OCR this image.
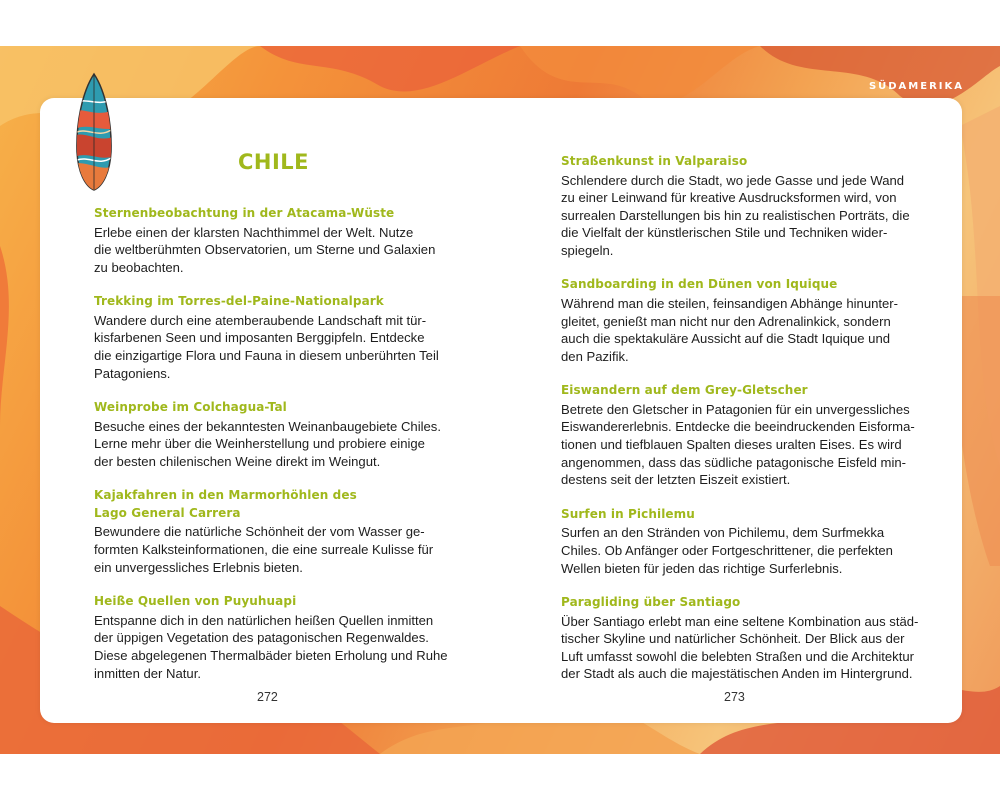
SÜDAMERIKA
CHILE
Sternenbeobachtung in der Atacama-Wüste
Erlebe einen der klarsten Nachthimmel der Welt. Nutze
die weltberühmten Observatorien, um Sterne und Galaxien
zu beobachten.
Trekking im Torres-del-Paine-Nationalpark
Wandere durch eine atemberaubende Landschaft mit tür-
kisfarbenen Seen und imposanten Berggipfeln. Entdecke
die einzigartige Flora und Fauna in diesem unberührten Teil
Patagoniens.
Weinprobe im Colchagua-Tal
Besuche eines der bekanntesten Weinanbaugebiete Chiles.
Lerne mehr über die Weinherstellung und probiere einige
der besten chilenischen Weine direkt im Weingut.
Kajakfahren in den Marmorhöhlen des
Lago General Carrera
Bewundere die natürliche Schönheit der vom Wasser ge-
formten Kalksteinformationen, die eine surreale Kulisse für
ein unvergessliches Erlebnis bieten.
Heiße Quellen von Puyuhuapi
Entspanne dich in den natürlichen heißen Quellen inmitten
der üppigen Vegetation des patagonischen Regenwaldes.
Diese abgelegenen Thermalbäder bieten Erholung und Ruhe
inmitten der Natur.
Straßenkunst in Valparaiso
Schlendere durch die Stadt, wo jede Gasse und jede Wand
zu einer Leinwand für kreative Ausdrucksformen wird, von
surrealen Darstellungen bis hin zu realistischen Porträts, die
die Vielfalt der künstlerischen Stile und Techniken wider-
spiegeln.
Sandboarding in den Dünen von Iquique
Während man die steilen, feinsandigen Abhänge hinunter-
gleitet, genießt man nicht nur den Adrenalinkick, sondern
auch die spektakuläre Aussicht auf die Stadt Iquique und
den Pazifik.
Eiswandern auf dem Grey-Gletscher
Betrete den Gletscher in Patagonien für ein unvergessliches
Eiswandererlebnis. Entdecke die beeindruckenden Eisforma-
tionen und tiefblauen Spalten dieses uralten Eises. Es wird
angenommen, dass das südliche patagonische Eisfeld min-
destens seit der letzten Eiszeit existiert.
Surfen in Pichilemu
Surfen an den Stränden von Pichilemu, dem Surfmekka
Chiles. Ob Anfänger oder Fortgeschrittener, die perfekten
Wellen bieten für jeden das richtige Surferlebnis.
Paragliding über Santiago
Über Santiago erlebt man eine seltene Kombination aus städ-
tischer Skyline und natürlicher Schönheit. Der Blick aus der
Luft umfasst sowohl die belebten Straßen und die Architektur
der Stadt als auch die majestätischen Anden im Hintergrund.
272	273
